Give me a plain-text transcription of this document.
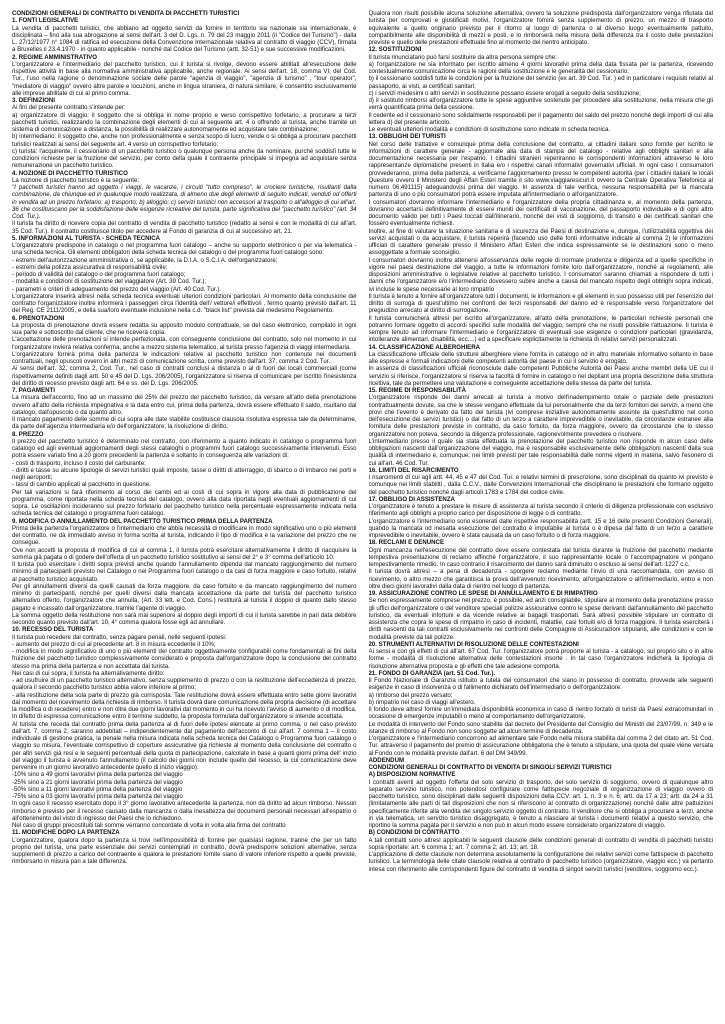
CONDIZIONI GENERALI DI CONTRATTO DI VENDITA DI PACCHETTI TURISTICI

1. FONTI LEGISLATIVE

La vendita di pacchetti turistici, che abbiano ad oggetto servizi da fornire in territorio sia nazionale sia internazionale, è disciplinata – fino alla sua abrogazione ai sensi dell'art. 3 del D. Lgs. n. 79 del 23 maggio 2011 (il "Codice del Turismo") - dalla L. 27/12/1977 n° 1084 di ratifica ed esecuzione della Convenzione Internazionale relativa al contratto di viaggio (CCV), firmata a Bruxelles il 23.4.1970 - in quanto applicabile - nonché dal Codice del Turismo (artt. 32-51) e sue successive modificazioni.

2. REGIME AMMINISTRATIVO

L'organizzatore e l'intermediario del pacchetto turistico, cui il turista si rivolge, devono essere abilitati all'esecuzione delle rispettive attività in base alla normativa amministrativa applicabile, anche regionale. Ai sensi dell'art. 18, comma VI, del Cod. Tur., l'uso nella ragione o denominazione sociale delle parole "agenzia di viaggio", "agenzia di turismo" , "tour operator", "mediatore di viaggio" ovvero altre parole e locuzioni, anche in lingua straniera, di natura similare, è consentito esclusivamente alle imprese abilitate di cui al primo comma.

3. DEFINIZIONI

Ai fini del presente contratto s'intende per:

a) organizzatore di viaggio: il soggetto che si obbliga in nome proprio e verso corrispettivo forfetario, a procurare a terzi pacchetti turistici, realizzando la combinazione degli elementi di cui al seguente art. 4 o offrendo al turista, anche tramite un sistema di comunicazione a distanza, la possibilità di realizzare autonomamente ed acquistare tale combinazione;

b) intermediario: il soggetto che, anche non professionalmente e senza scopo di lucro, vende o si obbliga a procurare pacchetti turistici realizzati ai sensi del seguente art. 4 verso un corrispettivo forfetario;

c) turista: l'acquirente, il cessionario di un pacchetto turistico o qualunque persona anche da nominare, purché soddisfi tutte le condizioni richieste per la fruizione del servizio, per conto della quale il contraente principale si impegna ad acquistare senza remunerazione un pacchetto turistico.

4. NOZIONE DI PACCHETTO TURISTICO

La nozione di pacchetto turistico è la seguente:

"I pacchetti turistici hanno ad oggetto i viaggi, le vacanze, i circuiti "tutto compreso", le crociere turistiche, risultanti dalla combinazione, da chiunque ed in qualunque modo realizzata, di almeno due degli elementi di seguito indicati, venduti od offerti in vendita ad un prezzo forfetario: a) trasporto; b) alloggio; c) servizi turistici non accessori al trasporto o all'alloggio di cui all'art. 36 che costituiscano per la soddisfazione delle esigenze ricreative del turista, parte significativa del "pacchetto turistico" (art. 34 Cod. Tur.).

Il turista ha diritto di ricevere copia del contratto di vendita di pacchetto turistico (redatto ai sensi e con le modalità di cui all'art. 35 Cod. Tur.). Il contratto costituisce titolo per accedere al Fondo di garanzia di cui al successivo art. 21.

5. INFORMAZIONI AL TURISTA - SCHEDA TECNICA

L'organizzatore predispone in catalogo o nel programma fuori catalogo – anche su supporto elettronico o per via telematica - una scheda tecnica. Gli elementi obbligatori della scheda tecnica del catalogo o del programma fuori catalogo sono:

- estremi dell'autorizzazione amministrativa o, se applicabile, la D.I.A. o S.C.I.A. dell'organizzatore;

- estremi della polizza assicurativa di responsabilità civile;

- periodo di validità del catalogo o del programma fuori catalogo;

- modalità e condizioni di sostituzione del viaggiatore (Art. 39 Cod. Tur.);

- parametri e criteri di adeguamento del prezzo del viaggio (Art. 40 Cod. Tur.).

L'organizzatore inserirà altresì nella scheda tecnica eventuali ulteriori condizioni particolari. Al momento della conclusione del contratto l'organizzatore inoltre informerà i passeggeri circa l'identità dell'/ vettore/i effettivo/i , fermo quanto previsto dall'art. 11 del Reg. CE 2111/2005, e della sua/loro eventuale inclusione nella c.d. "black list" prevista dal medesimo Regolamento.

6. PRENOTAZIONI

La proposta di prenotazione dovrà essere redatta su apposito modulo contrattuale, se del caso elettronico, compilato in ogni sua parte e sottoscritto dal cliente, che ne riceverà copia.

L'accettazione delle prenotazioni si intende perfezionata, con conseguente conclusione del contratto, solo nel momento in cui l'organizzatore invierà relativa conferma, anche a mezzo sistema telematico, al turista presso l'agenzia di viaggi intermediaria.

L'organizzatore fornirà prima della partenza le indicazioni relative al pacchetto turistico non contenute nei documenti contrattuali, negli opuscoli ovvero in altri mezzi di comunicazione scritta, come previsto dall'art. 37, comma 2 Cod. Tur.

Ai sensi dell'art. 32, comma 2, Cod. Tur., nel caso di contratti conclusi a distanza o al di fuori dei locali commerciali (come rispettivamente definiti dagli artt. 50 e 45 del D. Lgs. 206/2005), l'organizzatore si riserva di comunicare per iscritto l'inesistenza del diritto di recesso previsto dagli artt. 64 e ss. del D. Lgs. 206/2005.

7. PAGAMENTI

La misura dell'acconto, fino ad un massimo del 25% del prezzo del pacchetto turistico, da versare all'atto della prenotazione ovvero all'atto della richiesta impegnativa e la data entro cui, prima della partenza, dovrà essere effettuato il saldo, risultano dal catalogo, dall'opuscolo o da quanto altro.

Il mancato pagamento delle somme di cui sopra alle date stabilite costituisce clausola risolutiva espressa tale da determinarne, da parte dell'agenzia intermediaria e/o dell'organizzatore, la risoluzione di diritto.

8. PREZZO

Il prezzo del pacchetto turistico è determinato nel contratto, con riferimento a quanto indicato in catalogo o programma fuori catalogo ed agli eventuali aggiornamenti degli stessi cataloghi o programmi fuori catalogo successivamente intervenuti. Esso potrà essere variato fino a 20 giorni precedenti la partenza e soltanto in conseguenza alle variazioni di:

- costi di trasporto, incluso il costo del carburante;

- diritti e tasse su alcune tipologie di servizi turistici quali imposte, tasse o diritti di atterraggio, di sbarco o di imbarco nei porti e negli aeroporti;

- tassi di cambio applicati al pacchetto in questione.

Per tali variazioni si farà riferimento al corso dei cambi ed ai costi di cui sopra in vigore alla data di pubblicazione del programma, come riportata nella scheda tecnica del catalogo, ovvero alla data riportata negli eventuali aggiornamenti di cui sopra. Le oscillazioni incideranno sul prezzo forfetario del pacchetto turistico nella percentuale espressamente indicata nella scheda tecnica del catalogo o programma fuori catalogo.

9. MODIFICA O ANNULLAMENTO DEL PACCHETTO TURISTICO PRIMA DELLA PARTENZA

Prima della partenza l'organizzatore o l'intermediario che abbia necessità di modificare in modo significativo uno o più elementi del contratto, ne dà immediato avviso in forma scritta al turista, indicando il tipo di modifica e la variazione del prezzo che ne consegue.

Ove non accetti la proposta di modifica di cui al comma 1, il turista potrà esercitare alternativamente il diritto di riacquisire la somma già pagata o di godere dell'offerta di un pacchetto turistico sostitutivo ai sensi del 2° e 3° comma dell'articolo 10.

Il turista può esercitare i diritti sopra previsti anche quando l'annullamento dipenda dal mancato raggiungimento del numero minimo di partecipanti previsto nel Catalogo o nel Programma fuori catalogo o da casi di forza maggiore e caso fortuito, relativi al pacchetto turistico acquistato.

Per gli annullamenti diversi da quelli causati da forza maggiore, da caso fortuito e da mancato raggiungimento del numero minimo di partecipanti, nonché per quelli diversi dalla mancata accettazione da parte del turista del pacchetto turistico alternativo offerto, l'organizzatore che annulla, (Art. 33 lett. e Cod. Cons.) restituirà al turista il doppio di quanto dallo stesso pagato e incassato dall'organizzatore, tramite l'agente di viaggio.

La somma oggetto della restituzione non sarà mai superiore al doppio degli importi di cui il turista sarebbe in pari data debitore secondo quanto previsto dall'art. 10, 4° comma qualora fosse egli ad annullare.

10. RECESSO DEL TURISTA

Il turista può recedere dal contratto, senza pagare penali, nelle seguenti ipotesi:

- aumento del prezzo di cui al precedente art. 8 in misura eccedente il 10%;

- modifica in modo significativo di uno o più elementi del contratto oggettivamente configurabili come fondamentali ai fini della fruizione del pacchetto turistico complessivamente considerato e proposta dall'organizzatore dopo la conclusione del contratto stesso ma prima della partenza e non accettata dal turista.

Nei casi di cui sopra, il turista ha alternativamente diritto:

- ad usufruire di un pacchetto turistico alternativo, senza supplemento di prezzo o con la restituzione dell'eccedenza di prezzo, qualora il secondo pacchetto turistico abbia valore inferiore al primo;

- alla restituzione della sola parte di prezzo già corrisposta. Tale restituzione dovrà essere effettuata entro sette giorni lavorativi dal momento del ricevimento della richiesta di rimborso. Il turista dovrà dare comunicazione della propria decisione (di accettare la modifica o di recedere) entro e non oltre due giorni lavorativi dal momento in cui ha ricevuto l'avviso di aumento o di modifica. In difetto di espressa comunicazione entro il termine suddetto, la proposta formulata dall'organizzatore si intende accettata.

Al turista che receda dal contratto prima della partenza al di fuori delle ipotesi elencate al primo comma, o nel caso previsto dall'art. 7, comma 2, saranno addebitati – indipendentemente dal pagamento dell'acconto di cui all'art. 7 comma 1 – il costo individuale di gestione pratica, la penale nella misura indicata nella scheda tecnica del Catalogo o Programma fuori catalogo o viaggio su misura, l'eventuale corrispettivo di coperture assicurative già richieste al momento della conclusione del contratto o per altri servizi già resi e le seguenti percentuali della quota di partecipazione, calcolate in base a quanti giorni prima dell' inizio del viaggio il turista è avvenuto l'annullamento (il calcolo dei giorni non include quello del recesso, la cui comunicazione deve pervenire in un giorno lavorativo antecedente quello di inizio viaggio):

-10% sino a 49 giorni lavorativi prima della partenza del viaggio

-25% sino a 21 giorni lavorativi prima della partenza del viaggio

-50% sino a 11 giorni lavorativi prima della partenza del viaggio

-75% sino a 03 giorni lavorativi prima della partenza del viaggio

In ogni caso il recesso esercitato dopo il 3° giorno lavorativo antecedente la partenza, non dà diritto ad alcun rimborso. Nessun rimborso è previsto per il recesso causato dalla mancanza o dalla inesattezza dei documenti personali necessari all'espatrio o all'ottenimento del visto di ingresso dei Paesi che lo richiedono.

Nel caso di gruppi precostituiti tali somme verranno concordate di volta in volta alla firma del contratto

11. MODIFICHE DOPO LA PARTENZA

L'organizzatore, qualora dopo la partenza si trovi nell'impossibilità di fornire per qualsiasi ragione, tranne che per un fatto proprio del turista, una parte essenziale dei servizi contemplati in contratto, dovrà predisporre soluzioni alternative, senza supplementi di prezzo a carico del contraente e qualora le prestazioni fornite siano di valore inferiore rispetto a quelle previste, rimborsarlo in misura pari a tale differenza.

Qualora non risulti possibile alcuna soluzione alternativa, ovvero la soluzione predisposta dall'organizzatore venga rifiutata dal turista per comprovati e giustificati motivi, l'organizzatore fornirà senza supplemento di prezzo, un mezzo di trasporto equivalente a quello originario previsto per il ritorno al luogo di partenza o al diverso luogo eventualmente pattuito, compatibilmente alle disponibilità di mezzi e posti, e lo rimborserà nella misura della differenza tra il costo delle prestazioni previste e quello delle prestazioni effettuate fino al momento del rientro anticipato.

12. SOSTITUZIONI

Il turista rinunciatario può farsi sostituire da altra persona sempre che:

a) l'organizzatore ne sia informato per iscritto almeno 4 giorni lavorativi prima della data fissata per la partenza, ricevendo contestualmente comunicazione circa le ragioni della sostituzione e le generalità del cessionario;

b) il cessionario soddisfi tutte le condizioni per la fruizione del servizio (ex art. 39 Cod. Tur. ) ed in particolare i requisiti relativi al passaporto, ai visti, ai certificati sanitari;

c) i servizi medesimi o altri servizi in sostituzione possano essere erogati a seguito della sostituzione;

d) il sostituto rimborsi all'organizzatore tutte le spese aggiuntive sostenute per procedere alla sostituzione, nella misura che gli verrà quantificata prima della cessione.

Il cedente ed il cessionario sono solidalmente responsabili per il pagamento del saldo del prezzo nonché degli importi di cui alla lettera d) del presente articolo.

Le eventuali ulteriori modalità e condizioni di sostituzione sono indicate in scheda tecnica.

13. OBBLIGHI DEI TURISTI

Nel corso delle trattative e comunque prima della conclusione del contratto, ai cittadini italiani sono fornite per iscritto le informazioni di carattere generale - aggiornate alla data di stampa del catalogo - relative agli obblighi sanitari e alla documentazione necessaria per l'espatrio. I cittadini stranieri reperiranno le corrispondenti informazioni attraverso le loro rappresentanze diplomatiche presenti in Italia e/o i rispettivi canali informativi governativi ufficiali. In ogni caso i consumatori provvederanno, prima della partenza, a verificarne l'aggiornamento presso le competenti autorità (per i cittadini italiani le locali Questure ovvero il Ministero degli Affari Esteri tramite il sito www.viaggiaresicuri.it ovvero la Centrale Operativa Telefonica al numero 06.491115) adeguandovisi prima del viaggio. In assenza di tale verifica, nessuna responsabilità per la mancata partenza di uno o più consumatori potrà essere imputata all'intermediario o all'organizzatore.

I consumatori dovranno informare l'intermediario e l'organizzatore della propria cittadinanza e, al momento della partenza, dovranno accertarsi definitivamente di essere muniti dei certificati di vaccinazione, del passaporto individuale e di ogni altro documento valido per tutti i Paesi toccati dall'itinerario, nonché dei visti di soggiorno, di transito e dei certificati sanitari che fossero eventualmente richiesti.

Inoltre, al fine di valutare la situazione sanitaria e di sicurezza dei Paesi di destinazione e, dunque, l'utilizzabilità oggettiva dei servizi acquistati o da acquistare, il turista reperirà (facendo uso delle fonti informative indicate al comma 2) le informazioni ufficiali di carattere generale presso il Ministero Affari Esteri che indica espressamente se le destinazioni sono o meno assoggettate a formale sconsiglio.

I consumatori dovranno inoltre attenersi all'osservanza delle regole di normale prudenza e diligenza ed a quelle specifiche in vigore nei paesi destinazione del viaggio, a tutte le informazioni fornite loro dall'organizzatore, nonché ai regolamenti, alle disposizioni amministrative o legislative relative al pacchetto turistico. I consumatori saranno chiamati a rispondere di tutti i danni che l'organizzatore e/o l'intermediario dovessero subire anche a causa del mancato rispetto degli obblighi sopra indicati, ivi incluse le spese necessarie al loro rimpatrio

Il turista è tenuto a fornire all'organizzatore tutti i documenti, le informazioni e gli elementi in suo possesso utili per l'esercizio del diritto di surroga di quest'ultimo nei confronti dei terzi responsabili del danno ed è responsabile verso l'organizzatore del pregiudizio arrecato al diritto di surrogazione.

Il turista comunicherà altresì per iscritto all'organizzatore, all'atto della prenotazione, le particolari richieste personali che potranno formare oggetto di accordi specifici sulle modalità del viaggio, sempre che ne risulti possibile l'attuazione. Il turista è sempre tenuto ad informare l'Intermediario e l'organizzatore di eventuali sue esigenze o condizioni particolari (gravidanza, intolleranze alimentari, disabilità, ecc....) ed a specificare esplicitamente la richiesta di relativi servizi personalizzati.

14. CLASSIFICAZIONE ALBERGHIERA

La classificazione ufficiale delle strutture alberghiere viene fornita in catalogo od in altro materiale informativo soltanto in base alle espresse e formali indicazioni delle competenti autorità del paese in cui il servizio è erogato.

In assenza di classificazioni ufficiali riconosciute dalle competenti Pubbliche Autorità dei Paesi anche membri della UE cui il servizio si riferisce, l'organizzatore si riserva la facoltà di fornire in catalogo o nel depliant una propria descrizione della struttura ricettiva, tale da permettere una valutazione e conseguente accettazione della stessa da parte del turista.

15. REGIME DI RESPONSABILITÀ

L'organizzatore risponde dei danni arrecati al turista a motivo dell'inadempimento totale o parziale delle prestazioni contrattualmente dovute, sia che le stesse vengano effettuate da lui personalmente che da terzi fornitori dei servizi, a meno che provi che l'evento è derivato da fatto del turista (ivi comprese iniziative autonomamente assunte da quest'ultimo nel corso dell'esecuzione dei servizi turistici) o dal fatto di un terzo a carattere imprevedibile o inevitabile, da circostanze estranee alla fornitura delle prestazioni previste in contratto, da caso fortuito, da forza maggiore, ovvero da circostanze che lo stesso organizzatore non poteva, secondo la diligenza professionale, ragionevolmente prevedere o risolvere.

L'intermediario presso il quale sia stata effettuata la prenotazione del pacchetto turistico non risponde in alcun caso delle obbligazioni nascenti dall'organizzazione del viaggio, ma è responsabile esclusivamente delle obbligazioni nascenti dalla sua qualità di intermediario e, comunque, nei limiti previsti per tale responsabilità dalle norme vigenti in materia, salvo l'esonero di cui all'art. 46 Cod. Tur.

16. LIMITI DEL RISARCIMENTO

I risarcimenti di cui agli artt. 44, 45 e 47 del Cod. Tur. e relativi termini di prescrizione, sono disciplinati da quanto ivi previsto e comunque nei limiti stabiliti , dalla C.C.V., dalle Convenzioni Internazionali che disciplinano le prestazioni che formano oggetto del pacchetto turistico nonché dagli articoli 1783 e 1784 del codice civile.

17. OBBLIGO DI ASSISTENZA

L'organizzatore è tenuto a prestare le misure di assistenza al turista secondo il criterio di diligenza professionale con esclusivo riferimento agli obblighi a proprio carico per disposizione di legge o di contratto.

L'organizzatore e l'intermediario sono esonerati dalle rispettive responsabilità (artt. 15 e 16 delle presenti Condizioni Generali), quando la mancata od inesatta esecuzione del contratto è imputabile al turista o è dipesa dal fatto di un terzo a carattere imprevedibile o inevitabile, ovvero è stata causata da un caso fortuito o di forza maggiore.

18. RECLAMI E DENUNCE

Ogni mancanza nell'esecuzione del contratto deve essere contestata dal turista durante la fruizione del pacchetto mediante tempestiva presentazione di reclamo affinché l'organizzatore, il suo rappresentante locale o l'accompagnatore vi pongano tempestivamente rimedio. In caso contrario il risarcimento del danno sarà diminuito o escluso ai sensi dell'art. 1227 c.c.

Il turista dovrà altresì – a pena di decadenza - sporgere reclamo mediante l'invio di una raccomandata, con avviso di ricevimento, o altro mezzo che garantisca la prova dell'avvenuto ricevimento, all'organizzatore o all'intermediario, entro e non oltre dieci giorni lavorativi dalla data di rientro nel luogo di partenza.

19. ASSICURAZIONE CONTRO LE SPESE DI ANNULLAMENTO E DI RIMPATRIO

Se non espressamente comprese nel prezzo, è possibile, ed anzi consigliabile, stipulare al momento della prenotazione presso gli uffici dell'organizzatore o del venditore speciali polizze assicurative contro le spese derivanti dall'annullamento del pacchetto turistico, da eventuali infortuni e da vicende relative ai bagagli trasportati. Sarà altresì possibile stipulare un contratto di assistenza che copra le spese di rimpatrio in caso di incidenti, malattie, casi fortuiti e/o di forza maggiore. Il turista eserciterà i diritti nascenti da tali contratti esclusivamente nei confronti delle Compagnie di Assicurazioni stipulanti, alle condizioni e con le modalità previste da tali polizze.

20. STRUMENTI ALTERNATIVI DI RISOLUZIONE DELLE CONTESTAZIONI

Ai sensi e con gli effetti di cui all'art. 67 Cod. Tur. l'organizzatore potrà proporre al turista - a catalogo, sul proprio sito o in altre forme - modalità di risoluzione alternativa delle contestazioni insorte . In tal caso l'organizzatore indicherà la tipologia di risoluzione alternativa proposta e gli effetti che tale adesione comporta.

21. FONDO DI GARANZIA (art. 51 Cod. Tur.).

Il Fondo Nazionale di Garanzia istituito a tutela dei consumatori che siano in possesso di contratto, provvede alle seguenti esigenze in caso di insolvenza o di fallimento dichiarato dell'intermediario o dell'organizzatore:

a) rimborso del prezzo versato;

b) rimpatrio nel caso di viaggi all'estero.

Il fondo deve altresì fornire un'immediata disponibilità economica in caso di rientro forzato di turisti da Paesi extracomunitari in occasione di emergenze imputabili o meno al comportamento dell'organizzatore.

Le modalità di intervento del Fondo sono stabilite dal decreto del Presidente del Consiglio dei Ministri del 23/07/99, n. 349 e le istanze di rimborso al Fondo non sono soggette ad alcun termine di decadenza.

L'organizzatore e l'intermediario concorrono ad alimentare tale Fondo nella misura stabilita dal comma 2 del citato art. 51 Cod. Tur. attraverso il pagamento del premio di assicurazione obbligatoria che è tenuto a stipulare, una quota del quale viene versata al Fondo con le modalità previste dall'art. 6 del DM 349/99.

ADDENDUM

CONDIZIONI GENERALI DI CONTRATTO DI VENDITA DI SINGOLI SERVIZI TURISTICI

A) DISPOSIZIONI NORMATIVE

I contratti aventi ad oggetto l'offerta del solo servizio di trasporto, del solo servizio di soggiorno, ovvero di qualunque altro separato servizio turistico, non potendosi configurare come fattispecie negoziale di organizzazione di viaggio ovvero di pacchetto turistico, sono disciplinati dalle seguenti disposizioni della CCV: art. 1, n. 3 e n. 6; artt. da 17 a 23; artt. da 24 a 31 (limitatamente alle parti di tali disposizioni che non si riferiscono al contratto di organizzazione) nonché dalle altre pattuizioni specificamente riferite alla vendita del singolo servizio oggetto di contratto. Il venditore che si obbliga a procurare a terzi, anche in via telematica, un servizio turistico disaggregato, è tenuto a rilasciare al turista i documenti relativi a questo servizio, che riportino la somma pagata per il servizio e non può in alcun modo essere considerato organizzatore di viaggio.

B) CONDIZIONI DI CONTRATTO

A tali contratti sono altresì applicabili le seguenti clausole delle condizioni generali di contratto di vendita di pacchetti turistici sopra riportate: art. 6 comma 1; art. 7 comma 2; art. 13; art. 18.

L'applicazione di dette clausole non determina assolutamente la configurazione dei relativi servizi come fattispecie di pacchetto turistico. La terminologia delle citate clausole relativa al contratto di pacchetto turistico (organizzatore, viaggio ecc.) va pertanto intesa con riferimento alle corrispondenti figure del contratto di vendita di singoli servizi turistici (venditore, soggiorno ecc.).
